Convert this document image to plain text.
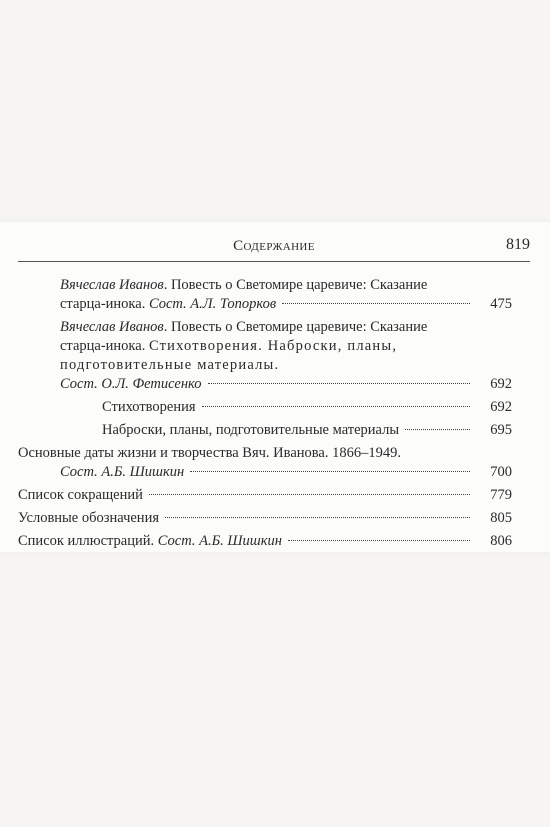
Содержание	819
Вячеслав Иванов. Повесть о Светомире царевиче: Сказание
старца-инока. Сост. А.Л. Топорков	475
Вячеслав Иванов. Повесть о Светомире царевиче: Сказание
старца-инока. Стихотворения. Наброски, планы,
подготовительные материалы.
Сост. О.Л. Фетисенко	692
Стихотворения	692
Наброски, планы, подготовительные материалы	695
Основные даты жизни и творчества Вяч. Иванова. 1866–1949.
Сост. А.Б. Шишкин	700
Список сокращений	779
Условные обозначения	805
Список иллюстраций. Сост. А.Б. Шишкин	806
